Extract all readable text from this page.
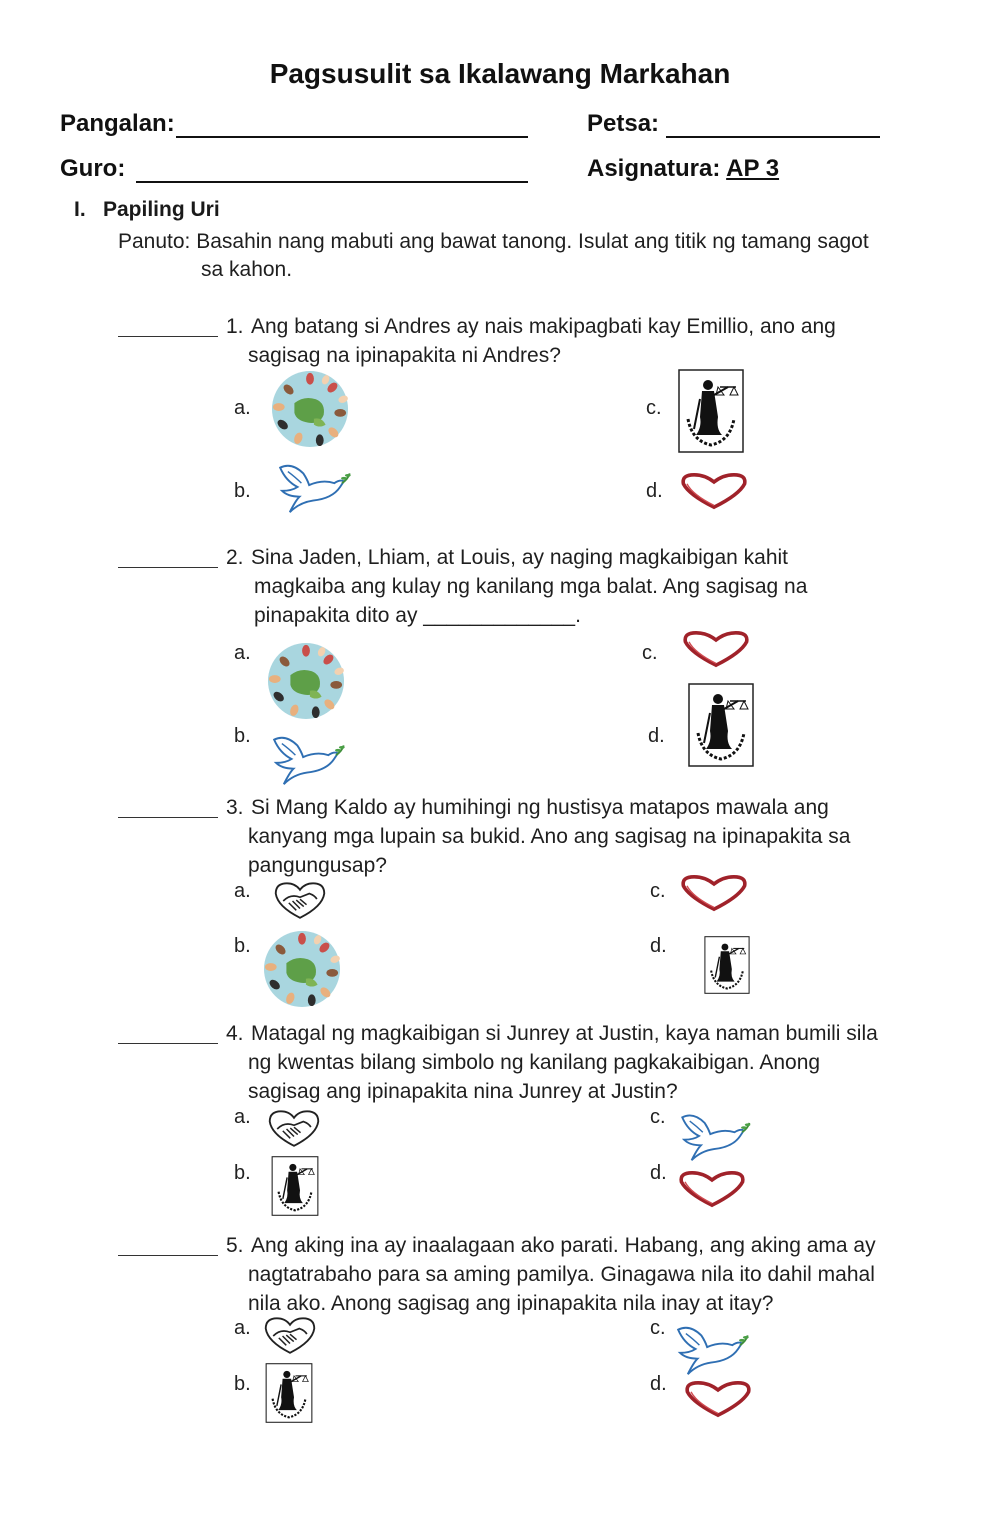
Pagsusulit sa Ikalawang Markahan
Pangalan:	Petsa:
Guro:	Asignatura: AP 3
I. Papiling Uri
Panuto: Basahin nang mabuti ang bawat tanong. Isulat ang titik ng tamang sagot
sa kahon.
1. Ang batang si Andres ay nais makipagbati kay Emillio, ano ang
sagisag na ipinapakita ni Andres?
a.
b.
c.
d.
2. Sina Jaden, Lhiam, at Louis, ay naging magkaibigan kahit
magkaiba ang kulay ng kanilang mga balat. Ang sagisag na
pinapakita dito ay _____________.
a.
b.
c.
d.
3. Si Mang Kaldo ay humihingi ng hustisya matapos mawala ang
kanyang mga lupain sa bukid. Ano ang sagisag na ipinapakita sa
pangungusap?
a.
b.
c.
d.
4. Matagal ng magkaibigan si Junrey at Justin, kaya naman bumili sila
ng kwentas bilang simbolo ng kanilang pagkakaibigan. Anong
sagisag ang ipinapakita nina Junrey at Justin?
a.
b.
c.
d.
5. Ang aking ina ay inaalagaan ako parati. Habang, ang aking ama ay
nagtatrabaho para sa aming pamilya. Ginagawa nila ito dahil mahal
nila ako. Anong sagisag ang ipinapakita nila inay at itay?
a.
b.
c.
d.
